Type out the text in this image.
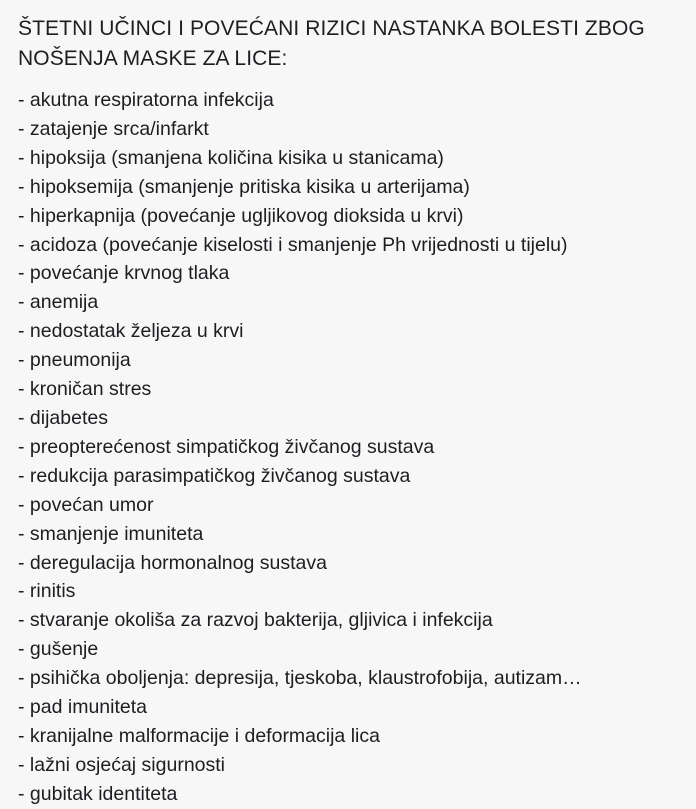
ŠTETNI UČINCI I POVEĆANI RIZICI NASTANKA BOLESTI ZBOG
NOŠENJA MASKE ZA LICE:
- akutna respiratorna infekcija
- zatajenje srca/infarkt
- hipoksija (smanjena količina kisika u stanicama)
- hipoksemija (smanjenje pritiska kisika u arterijama)
- hiperkapnija (povećanje ugljikovog dioksida u krvi)
- acidoza (povećanje kiselosti i smanjenje Ph vrijednosti u tijelu)
- povećanje krvnog tlaka
- anemija
- nedostatak željeza u krvi
- pneumonija
- kroničan stres
- dijabetes
- preopterećenost simpatičkog živčanog sustava
- redukcija parasimpatičkog živčanog sustava
- povećan umor
- smanjenje imuniteta
- deregulacija hormonalnog sustava
- rinitis
- stvaranje okoliša za razvoj bakterija, gljivica i infekcija
- gušenje
- psihička oboljenja: depresija, tjeskoba, klaustrofobija, autizam…
- pad imuniteta
- kranijalne malformacije i deformacija lica
- lažni osjećaj sigurnosti
- gubitak identiteta
